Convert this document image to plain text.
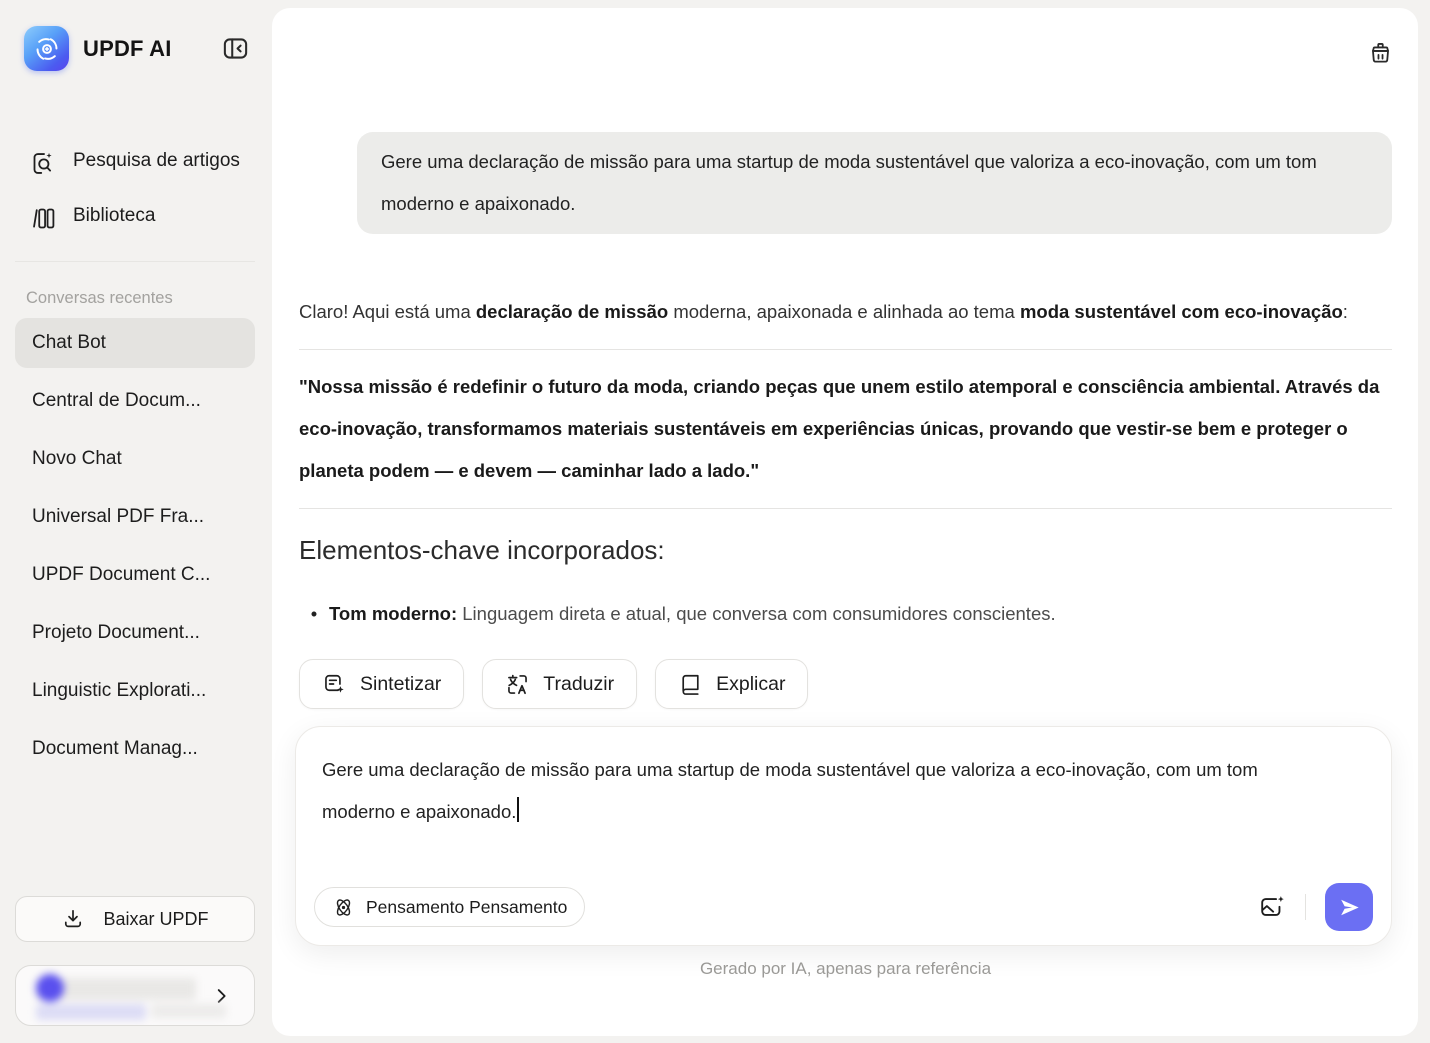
UPDF AI
Pesquisa de artigos
Biblioteca
Conversas recentes
Chat Bot
Central de Docum...
Novo Chat
Universal PDF Fra...
UPDF Document C...
Projeto Document...
Linguistic Explorati...
Document Manag...
Baixar UPDF
Gere uma declaração de missão para uma startup de moda sustentável que valoriza a eco-inovação, com um tom moderno e apaixonado.

Claro! Aqui está uma declaração de missão moderna, apaixonada e alinhada ao tema moda sustentável com eco-inovação:

"Nossa missão é redefinir o futuro da moda, criando peças que unem estilo atemporal e consciência ambiental. Através da eco-inovação, transformamos materiais sustentáveis em experiências únicas, provando que vestir-se bem e proteger o planeta podem — e devem — caminhar lado a lado."

Elementos-chave incorporados:
• Tom moderno: Linguagem direta e atual, que conversa com consumidores conscientes.
Sintetizar	Traduzir	Explicar
Gere uma declaração de missão para uma startup de moda sustentável que valoriza a eco-inovação, com um tom moderno e apaixonado.
Pensamento Pensamento
Gerado por IA, apenas para referência
